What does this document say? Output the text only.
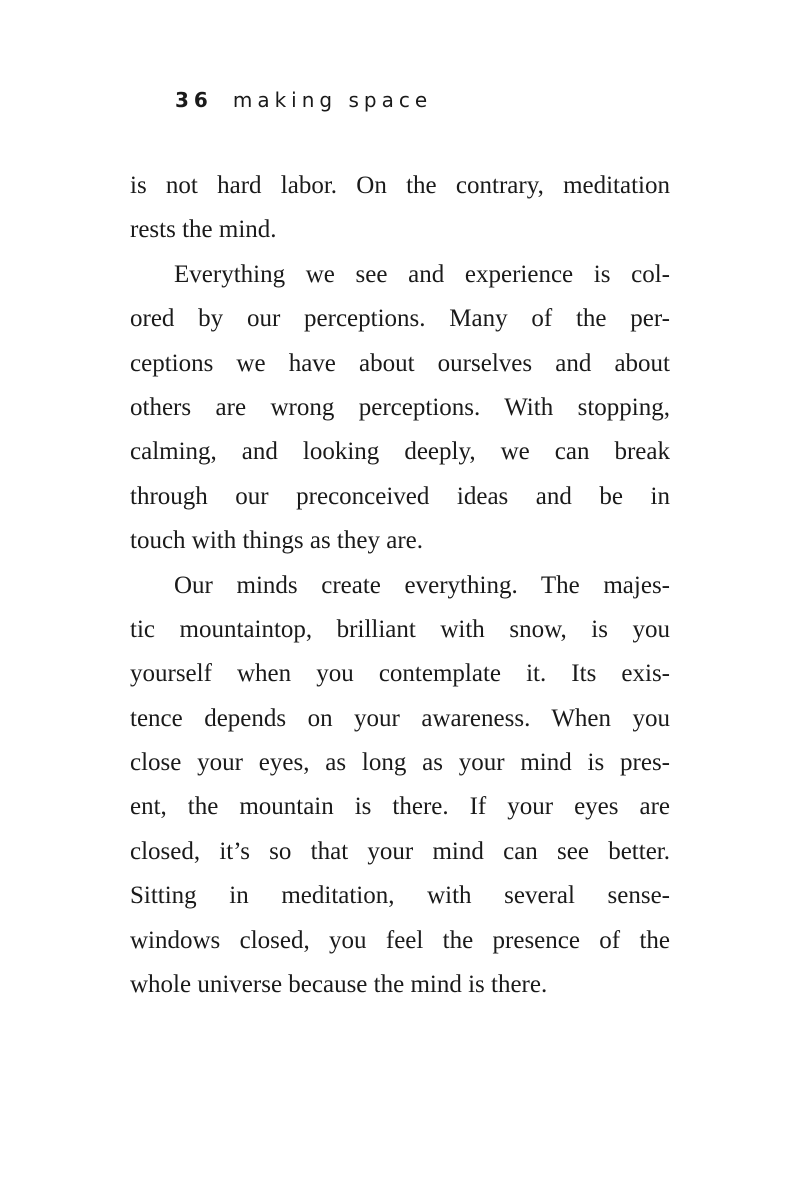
36 making space
is not hard labor. On the contrary, meditation
rests the mind.
Everything we see and experience is col-
ored by our perceptions. Many of the per-
ceptions we have about ourselves and about
others are wrong perceptions. With stopping,
calming, and looking deeply, we can break
through our preconceived ideas and be in
touch with things as they are.
Our minds create everything. The majes-
tic mountaintop, brilliant with snow, is you
yourself when you contemplate it. Its exis-
tence depends on your awareness. When you
close your eyes, as long as your mind is pres-
ent, the mountain is there. If your eyes are
closed, it’s so that your mind can see better.
Sitting in meditation, with several sense-
windows closed, you feel the presence of the
whole universe because the mind is there.
